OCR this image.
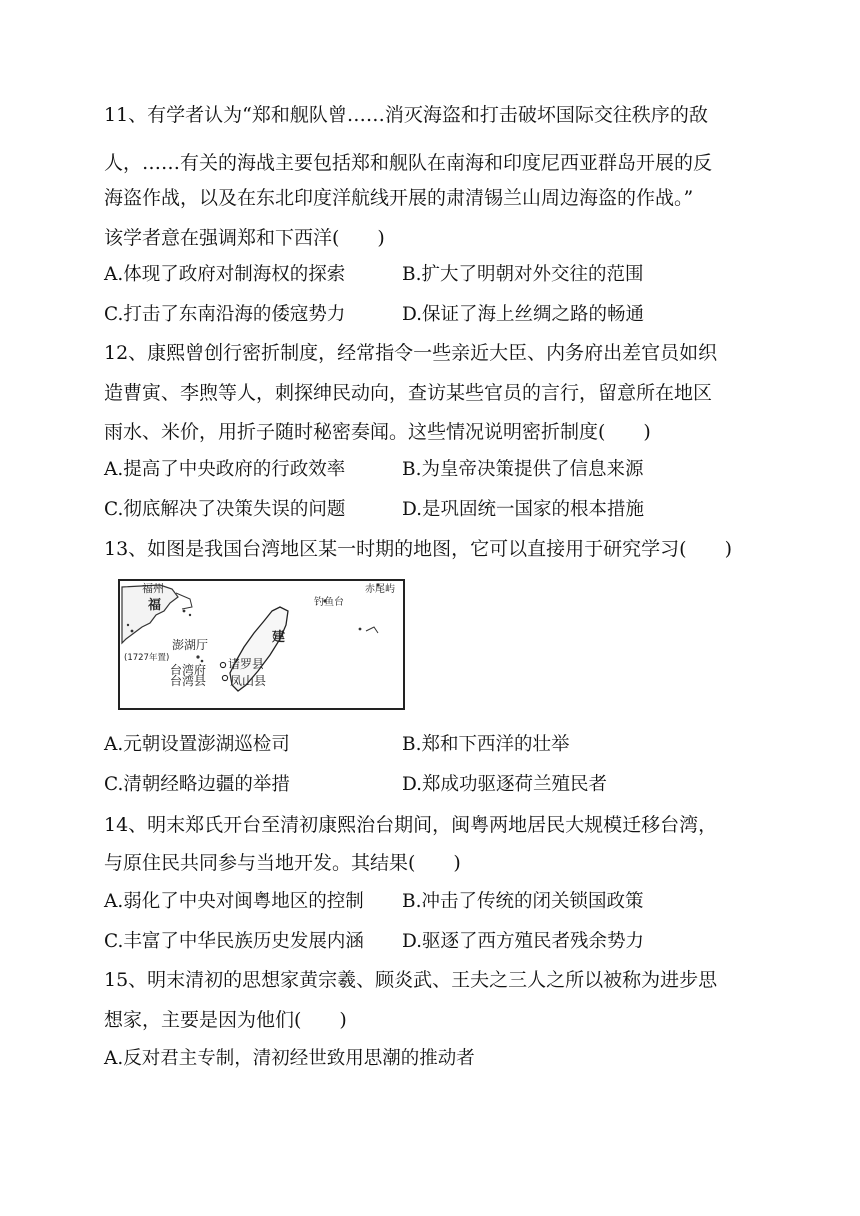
11、有学者认为“郑和舰队曾……消灭海盗和打击破坏国际交往秩序的敌
人，……有关的海战主要包括郑和舰队在南海和印度尼西亚群岛开展的反
海盗作战，以及在东北印度洋航线开展的肃清锡兰山周边海盗的作战。”
该学者意在强调郑和下西洋(　　)
A.体现了政府对制海权的探索	B.扩大了明朝对外交往的范围
C.打击了东南沿海的倭寇势力	D.保证了海上丝绸之路的畅通
12、康熙曾创行密折制度，经常指令一些亲近大臣、内务府出差官员如织
造曹寅、李煦等人，刺探绅民动向，查访某些官员的言行，留意所在地区
雨水、米价，用折子随时秘密奏闻。这些情况说明密折制度(　　)
A.提高了中央政府的行政效率	B.为皇帝决策提供了信息来源
C.彻底解决了决策失误的问题	D.是巩固统一国家的根本措施
13、如图是我国台湾地区某一时期的地图，它可以直接用于研究学习(　　)
福州	赤尾屿
钓鱼台
福
建
澎湖厅
(1727年置)
台湾府 诸罗县
台湾县 凤山县
A.元朝设置澎湖巡检司	B.郑和下西洋的壮举
C.清朝经略边疆的举措	D.郑成功驱逐荷兰殖民者
14、明末郑氏开台至清初康熙治台期间，闽粤两地居民大规模迁移台湾，
与原住民共同参与当地开发。其结果(　　)
A.弱化了中央对闽粤地区的控制 B.冲击了传统的闭关锁国政策
C.丰富了中华民族历史发展内涵 D.驱逐了西方殖民者残余势力
15、明末清初的思想家黄宗羲、顾炎武、王夫之三人之所以被称为进步思
想家，主要是因为他们(　　)
A.反对君主专制，清初经世致用思潮的推动者
